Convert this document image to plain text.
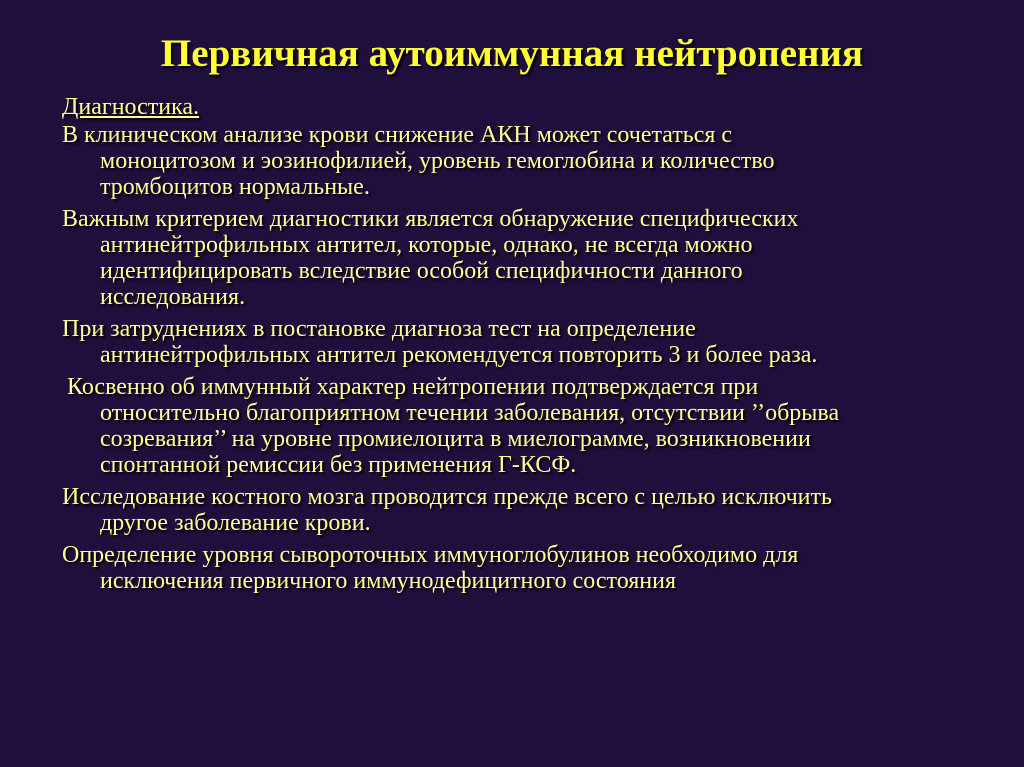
Первичная аутоиммунная нейтропения
Диагностика.
В клиническом анализе крови снижение АКН может сочетаться с
моноцитозом и эозинофилией, уровень гемоглобина и количество
тромбоцитов нормальные.
Важным критерием диагностики является обнаружение специфических
антинейтрофильных антител, которые, однако, не всегда можно
идентифицировать вследствие особой специфичности данного
исследования.
При затруднениях в постановке диагноза тест на определение
антинейтрофильных антител рекомендуется повторить 3 и более раза.
Косвенно об иммунный характер нейтропении подтверждается при
относительно благоприятном течении заболевания, отсутствии ’’обрыва
созревания’’ на уровне промиелоцита в миелограмме, возникновении
спонтанной ремиссии без применения Г-КСФ.
Исследование костного мозга проводится прежде всего с целью исключить
другое заболевание крови.
Определение уровня сывороточных иммуноглобулинов необходимо для
исключения первичного иммунодефицитного состояния
